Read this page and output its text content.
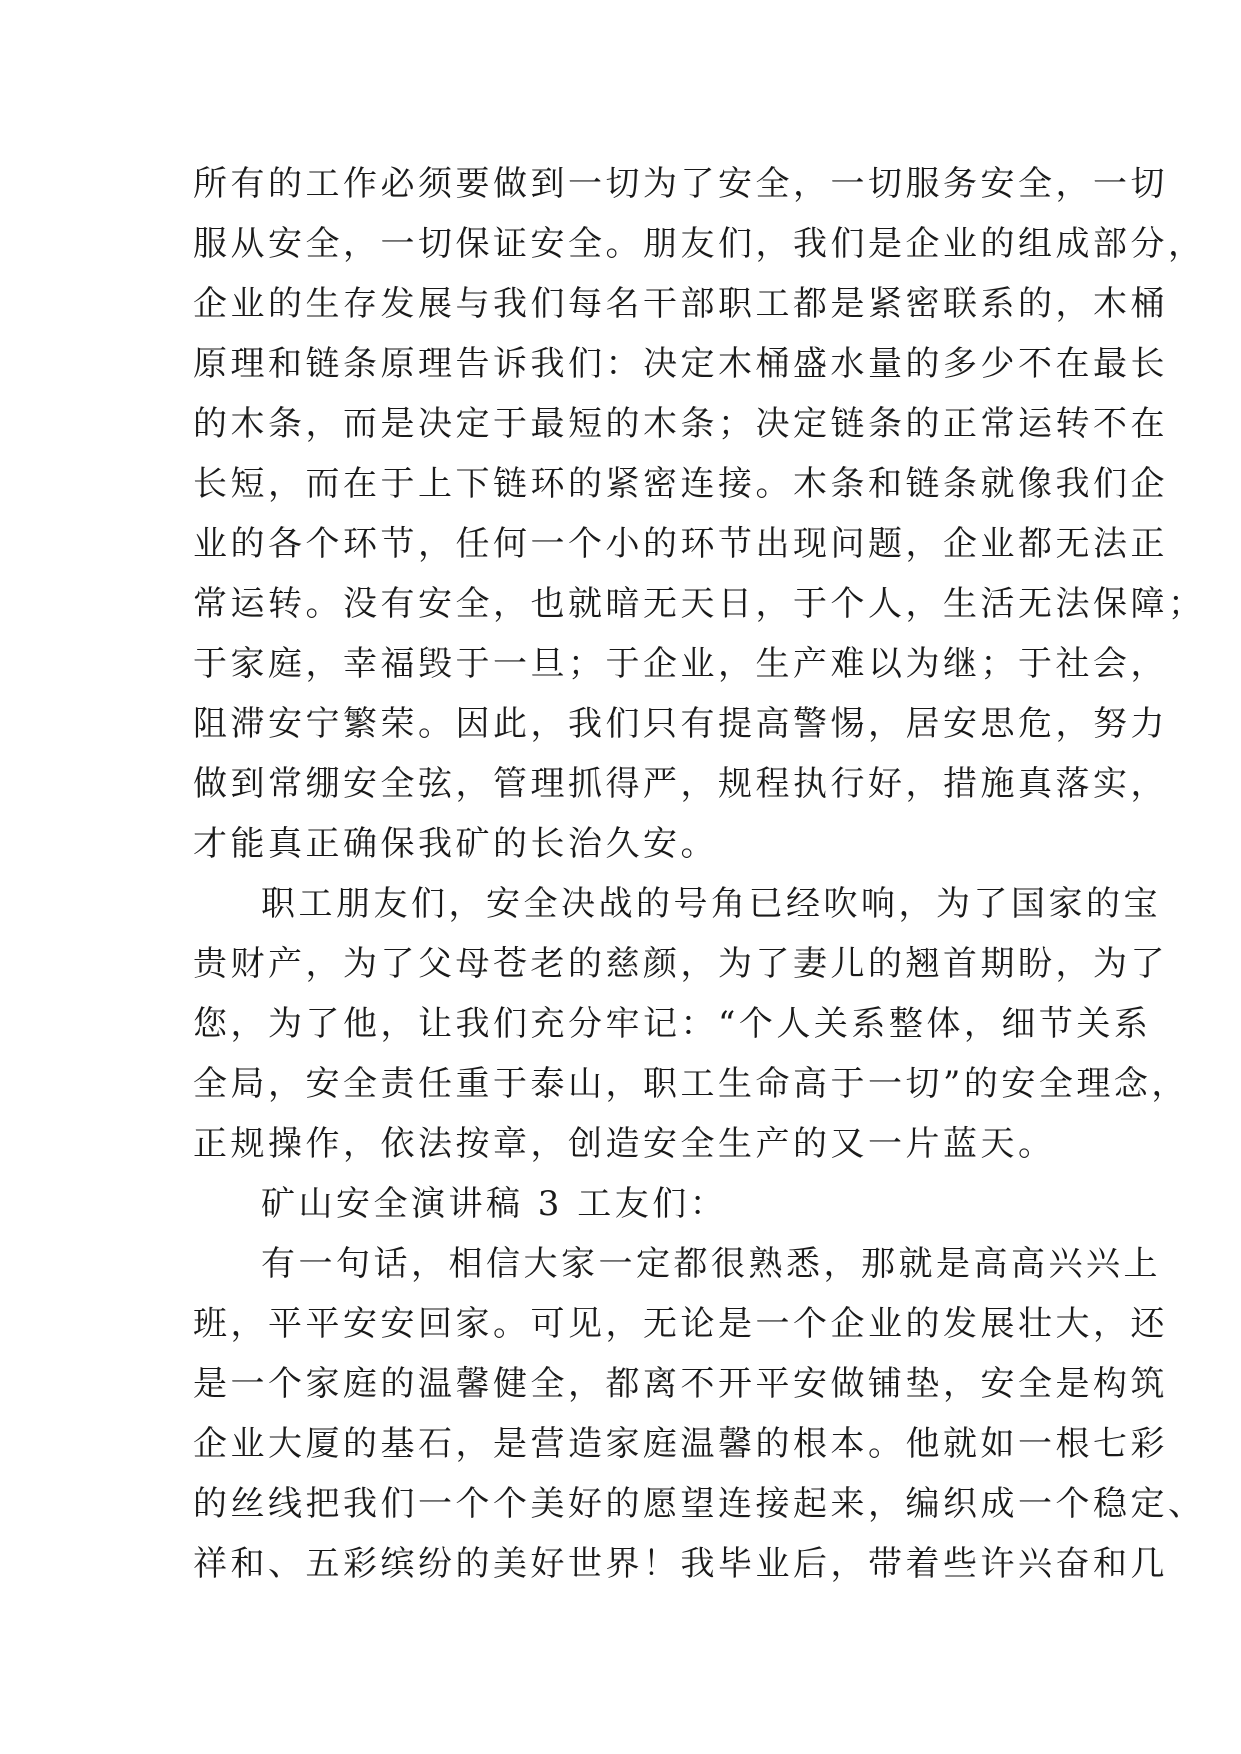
所有的工作必须要做到一切为了安全，一切服务安全，一切
服从安全，一切保证安全。朋友们，我们是企业的组成部分，
企业的生存发展与我们每名干部职工都是紧密联系的，木桶
原理和链条原理告诉我们：决定木桶盛水量的多少不在最长
的木条，而是决定于最短的木条；决定链条的正常运转不在
长短，而在于上下链环的紧密连接。木条和链条就像我们企
业的各个环节，任何一个小的环节出现问题，企业都无法正
常运转。没有安全，也就暗无天日，于个人，生活无法保障；
于家庭，幸福毁于一旦；于企业，生产难以为继；于社会，
阻滞安宁繁荣。因此，我们只有提高警惕，居安思危，努力
做到常绷安全弦，管理抓得严，规程执行好，措施真落实，
才能真正确保我矿的长治久安。
职工朋友们，安全决战的号角已经吹响，为了国家的宝
贵财产，为了父母苍老的慈颜，为了妻儿的翘首期盼，为了
您，为了他，让我们充分牢记：“个人关系整体，细节关系
全局，安全责任重于泰山，职工生命高于一切”的安全理念，
正规操作，依法按章，创造安全生产的又一片蓝天。
矿山安全演讲稿 3 工友们：
有一句话，相信大家一定都很熟悉，那就是高高兴兴上
班，平平安安回家。可见，无论是一个企业的发展壮大，还
是一个家庭的温馨健全，都离不开平安做铺垫，安全是构筑
企业大厦的基石，是营造家庭温馨的根本。他就如一根七彩
的丝线把我们一个个美好的愿望连接起来，编织成一个稳定、
祥和、五彩缤纷的美好世界！我毕业后，带着些许兴奋和几
